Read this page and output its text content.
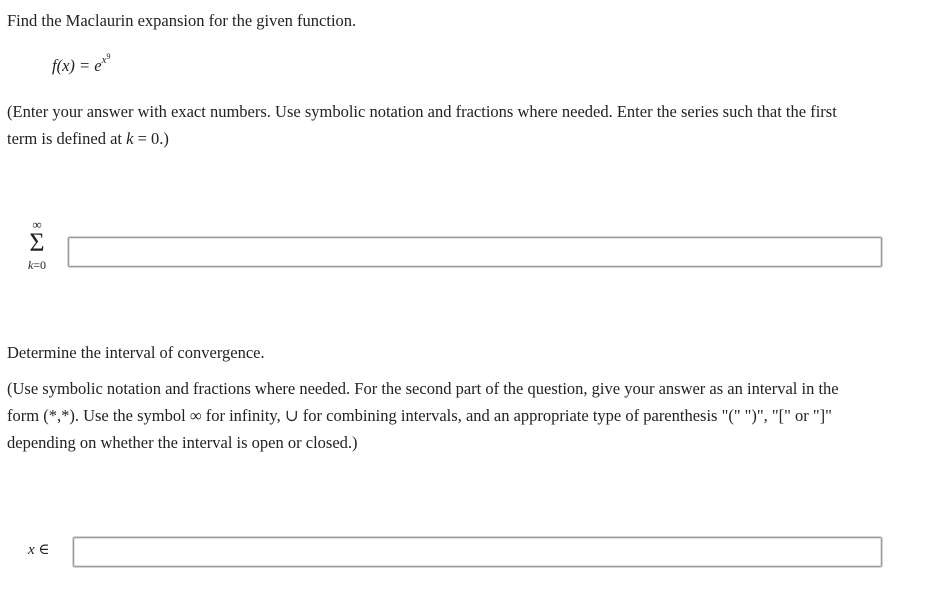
Find the Maclaurin expansion for the given function.
$f(x) = e^{x^9}$
(Enter your answer with exact numbers. Use symbolic notation and fractions where needed. Enter the series such that the first
term is defined at k = 0.)
∞
Σ
k=0
Determine the interval of convergence.
(Use symbolic notation and fractions where needed. For the second part of the question, give your answer as an interval in the
form (*,*). Use the symbol ∞ for infinity, ∪ for combining intervals, and an appropriate type of parenthesis "(" ")", "[" or "]"
depending on whether the interval is open or closed.)
x ∈
